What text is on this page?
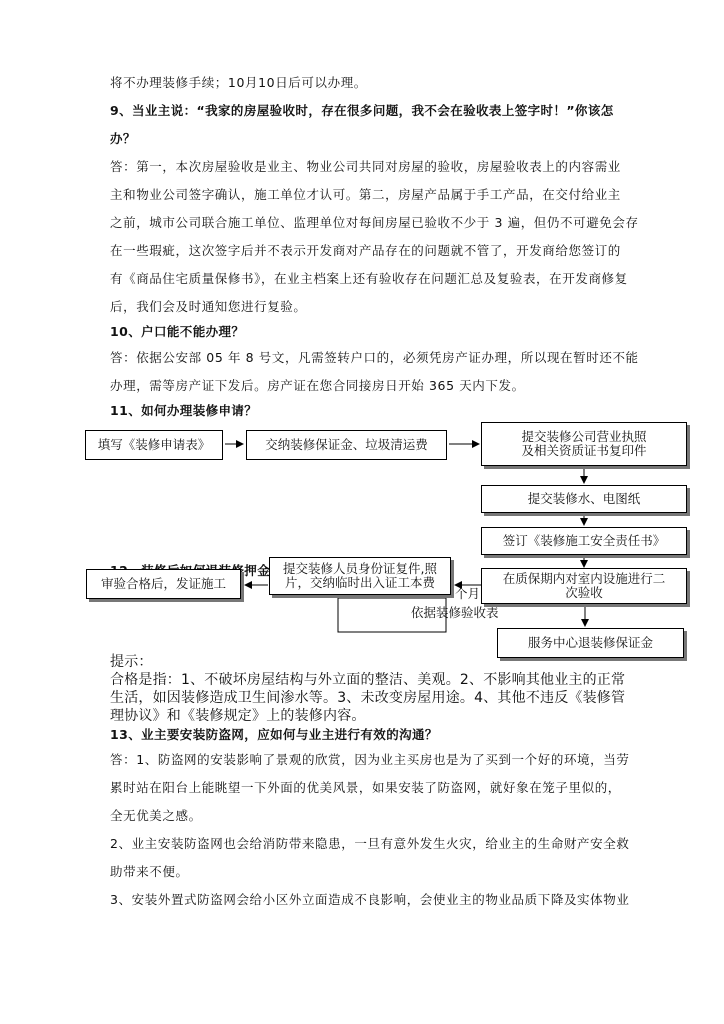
将不办理装修手续；10月10日后可以办理。
9、当业主说：“我家的房屋验收时，存在很多问题，我不会在验收表上签字时！”你该怎
办？
答：第一，本次房屋验收是业主、物业公司共同对房屋的验收，房屋验收表上的内容需业
主和物业公司签字确认，施工单位才认可。第二，房屋产品属于手工产品，在交付给业主
之前，城市公司联合施工单位、监理单位对每间房屋已验收不少于 3 遍，但仍不可避免会存
在一些瑕疵，这次签字后并不表示开发商对产品存在的问题就不管了，开发商给您签订的
有《商品住宅质量保修书》，在业主档案上还有验收存在问题汇总及复验表，在开发商修复
后，我们会及时通知您进行复验。
10、户口能不能办理？
答：依据公安部 05 年 8 号文，凡需签转户口的，必须凭房产证办理，所以现在暂时还不能
办理，需等房产证下发后。房产证在您合同接房日开始 365 天内下发。
11、如何办理装修申请？
填写《装修申请表》	交纳装修保证金、垃圾清运费
提交装修公司营业执照
及相关资质证书复印件
提交装修水、电图纸
签订《装修施工安全责任书》
个月
依据装修验收表
提交装修人员身份证复件,照
片，交纳临时出入证工本费
审验合格后，发证施工	在质保期内对室内设施进行二
次验收
服务中心退装修保证金
提示：
合格是指：1、不破坏房屋结构与外立面的整洁、美观。2、不影响其他业主的正常
生活，如因装修造成卫生间渗水等。3、未改变房屋用途。4、其他不违反《装修管
理协议》和《装修规定》上的装修内容。
13、业主要安装防盗网，应如何与业主进行有效的沟通？
答：1、防盗网的安装影响了景观的欣赏，因为业主买房也是为了买到一个好的环境，当劳
累时站在阳台上能眺望一下外面的优美风景，如果安装了防盗网，就好象在笼子里似的，
全无优美之感。
2、业主安装防盗网也会给消防带来隐患，一旦有意外发生火灾，给业主的生命财产安全救
助带来不便。
3、安装外置式防盗网会给小区外立面造成不良影响，会使业主的物业品质下降及实体物业
